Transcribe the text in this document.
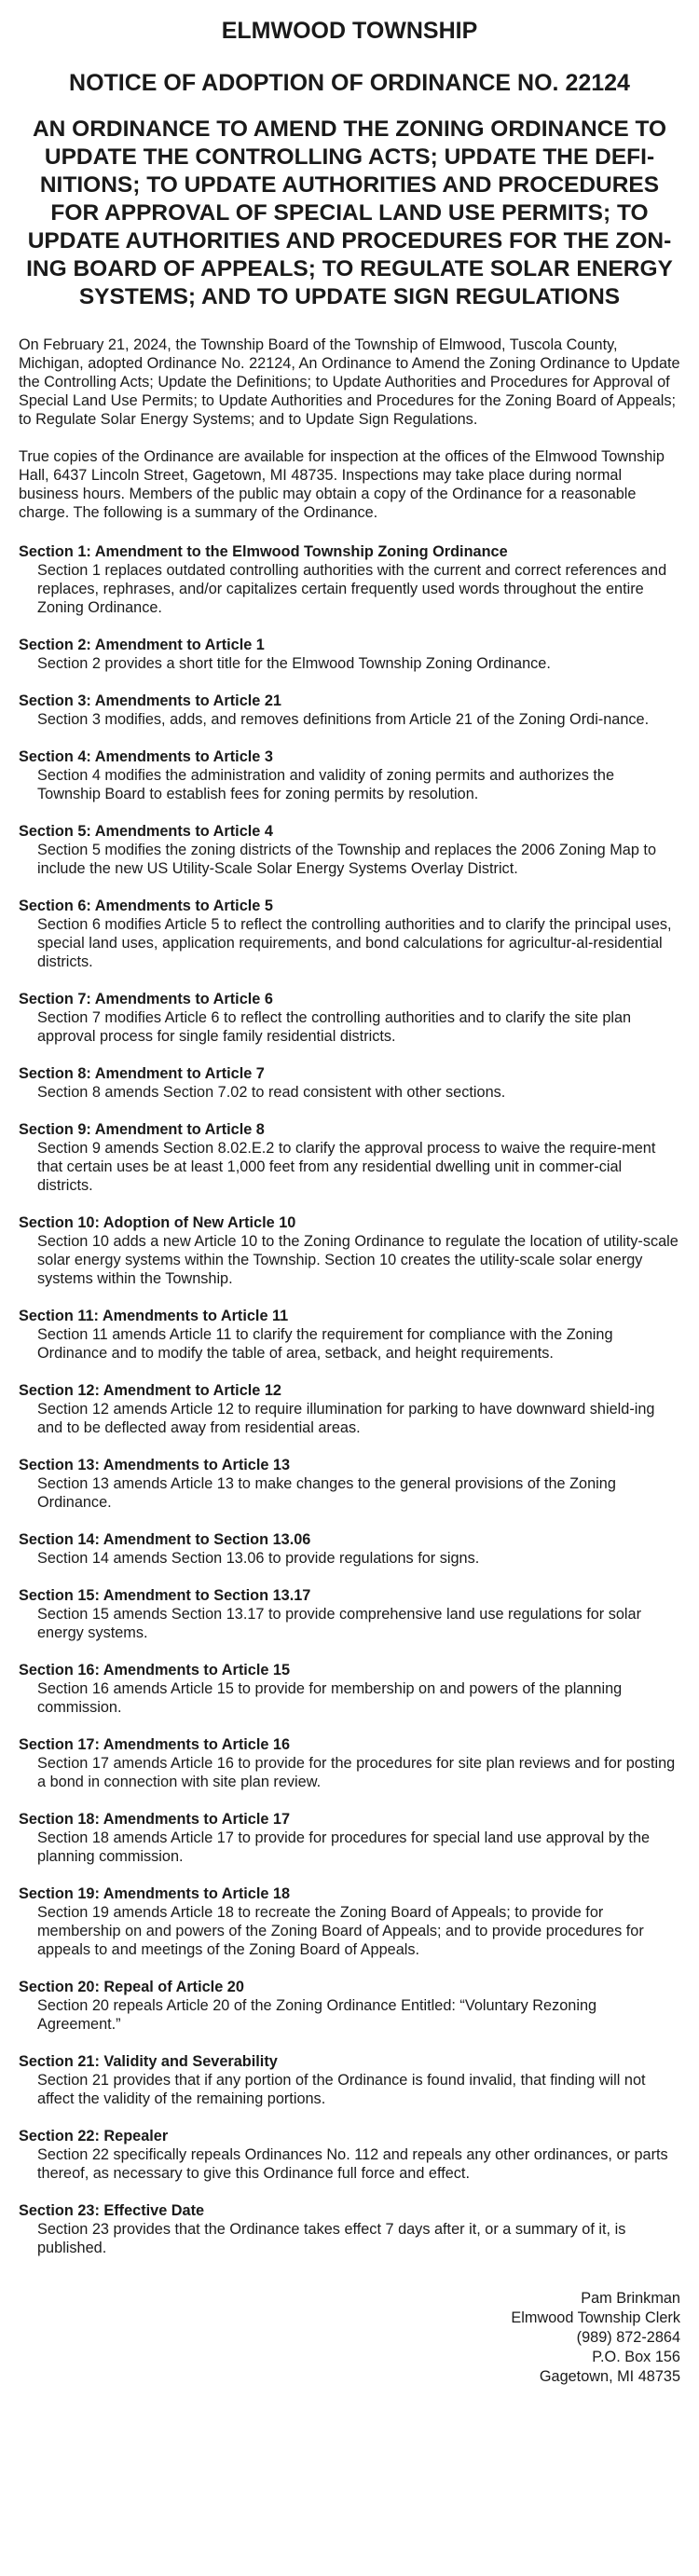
ELMWOOD TOWNSHIP
NOTICE OF ADOPTION OF ORDINANCE NO. 22124
AN ORDINANCE TO AMEND THE ZONING ORDINANCE TO UPDATE THE CONTROLLING ACTS; UPDATE THE DEFI-NITIONS; TO UPDATE AUTHORITIES AND PROCEDURES FOR APPROVAL OF SPECIAL LAND USE PERMITS; TO UPDATE AUTHORITIES AND PROCEDURES FOR THE ZON-ING BOARD OF APPEALS; TO REGULATE SOLAR ENERGY SYSTEMS; AND TO UPDATE SIGN REGULATIONS

On February 21, 2024, the Township Board of the Township of Elmwood, Tuscola County, Michigan, adopted Ordinance No. 22124, An Ordinance to Amend the Zoning Ordinance to Update the Controlling Acts; Update the Definitions; to Update Authorities and Procedures for Approval of Special Land Use Permits; to Update Authorities and Procedures for the Zoning Board of Appeals; to Regulate Solar Energy Systems; and to Update Sign Regulations.

True copies of the Ordinance are available for inspection at the offices of the Elmwood Township Hall, 6437 Lincoln Street, Gagetown, MI 48735. Inspections may take place during normal business hours. Members of the public may obtain a copy of the Ordinance for a reasonable charge. The following is a summary of the Ordinance.

Section 1: Amendment to the Elmwood Township Zoning Ordinance

Section 1 replaces outdated controlling authorities with the current and correct references and replaces, rephrases, and/or capitalizes certain frequently used words throughout the entire Zoning Ordinance.

Section 2: Amendment to Article 1

Section 2 provides a short title for the Elmwood Township Zoning Ordinance.

Section 3: Amendments to Article 21

Section 3 modifies, adds, and removes definitions from Article 21 of the Zoning Ordi-nance.

Section 4: Amendments to Article 3

Section 4 modifies the administration and validity of zoning permits and authorizes the Township Board to establish fees for zoning permits by resolution.

Section 5: Amendments to Article 4

Section 5 modifies the zoning districts of the Township and replaces the 2006 Zoning Map to include the new US Utility-Scale Solar Energy Systems Overlay District.

Section 6: Amendments to Article 5

Section 6 modifies Article 5 to reflect the controlling authorities and to clarify the principal uses, special land uses, application requirements, and bond calculations for agricultur-al-residential districts.

Section 7: Amendments to Article 6

Section 7 modifies Article 6 to reflect the controlling authorities and to clarify the site plan approval process for single family residential districts.

Section 8: Amendment to Article 7

Section 8 amends Section 7.02 to read consistent with other sections.

Section 9: Amendment to Article 8

Section 9 amends Section 8.02.E.2 to clarify the approval process to waive the require-ment that certain uses be at least 1,000 feet from any residential dwelling unit in commer-cial districts.

Section 10: Adoption of New Article 10

Section 10 adds a new Article 10 to the Zoning Ordinance to regulate the location of utility-scale solar energy systems within the Township. Section 10 creates the utility-scale solar energy systems within the Township.

Section 11: Amendments to Article 11

Section 11 amends Article 11 to clarify the requirement for compliance with the Zoning Ordinance and to modify the table of area, setback, and height requirements.

Section 12: Amendment to Article 12

Section 12 amends Article 12 to require illumination for parking to have downward shield-ing and to be deflected away from residential areas.

Section 13: Amendments to Article 13

Section 13 amends Article 13 to make changes to the general provisions of the Zoning Ordinance.

Section 14: Amendment to Section 13.06

Section 14 amends Section 13.06 to provide regulations for signs.

Section 15: Amendment to Section 13.17

Section 15 amends Section 13.17 to provide comprehensive land use regulations for solar energy systems.

Section 16: Amendments to Article 15

Section 16 amends Article 15 to provide for membership on and powers of the planning commission.

Section 17: Amendments to Article 16

Section 17 amends Article 16 to provide for the procedures for site plan reviews and for posting a bond in connection with site plan review.

Section 18: Amendments to Article 17

Section 18 amends Article 17 to provide for procedures for special land use approval by the planning commission.

Section 19: Amendments to Article 18

Section 19 amends Article 18 to recreate the Zoning Board of Appeals; to provide for membership on and powers of the Zoning Board of Appeals; and to provide procedures for appeals to and meetings of the Zoning Board of Appeals.

Section 20: Repeal of Article 20

Section 20 repeals Article 20 of the Zoning Ordinance Entitled: “Voluntary Rezoning Agreement.”

Section 21: Validity and Severability

Section 21 provides that if any portion of the Ordinance is found invalid, that finding will not affect the validity of the remaining portions.

Section 22: Repealer

Section 22 specifically repeals Ordinances No. 112 and repeals any other ordinances, or parts thereof, as necessary to give this Ordinance full force and effect.

Section 23: Effective Date

Section 23 provides that the Ordinance takes effect 7 days after it, or a summary of it, is published.

Pam Brinkman
Elmwood Township Clerk
(989) 872-2864
P.O. Box 156
Gagetown, MI 48735
